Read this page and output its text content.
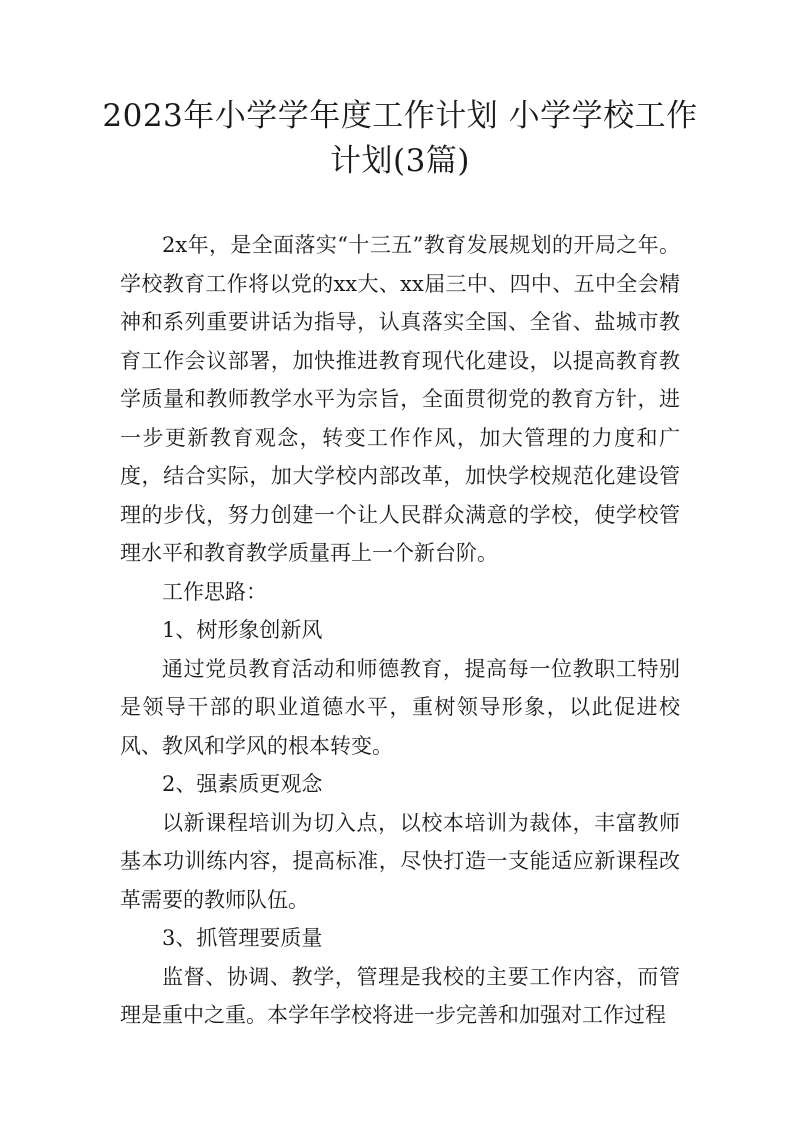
2023年小学学年度工作计划 小学学校工作
计划(3篇)

2x年，是全面落实“十三五”教育发展规划的开局之年。学校教育工作将以党的xx大、xx届三中、四中、五中全会精神和系列重要讲话为指导，认真落实全国、全省、盐城市教育工作会议部署，加快推进教育现代化建设，以提高教育教学质量和教师教学水平为宗旨，全面贯彻党的教育方针，进一步更新教育观念，转变工作作风，加大管理的力度和广度，结合实际，加大学校内部改革，加快学校规范化建设管理的步伐，努力创建一个让人民群众满意的学校，使学校管理水平和教育教学质量再上一个新台阶。

工作思路：

1、树形象创新风

通过党员教育活动和师德教育，提高每一位教职工特别是领导干部的职业道德水平，重树领导形象，以此促进校风、教风和学风的根本转变。

2、强素质更观念

以新课程培训为切入点，以校本培训为裁体，丰富教师基本功训练内容，提高标准，尽快打造一支能适应新课程改革需要的教师队伍。

3、抓管理要质量

监督、协调、教学，管理是我校的主要工作内容，而管理是重中之重。本学年学校将进一步完善和加强对工作过程
